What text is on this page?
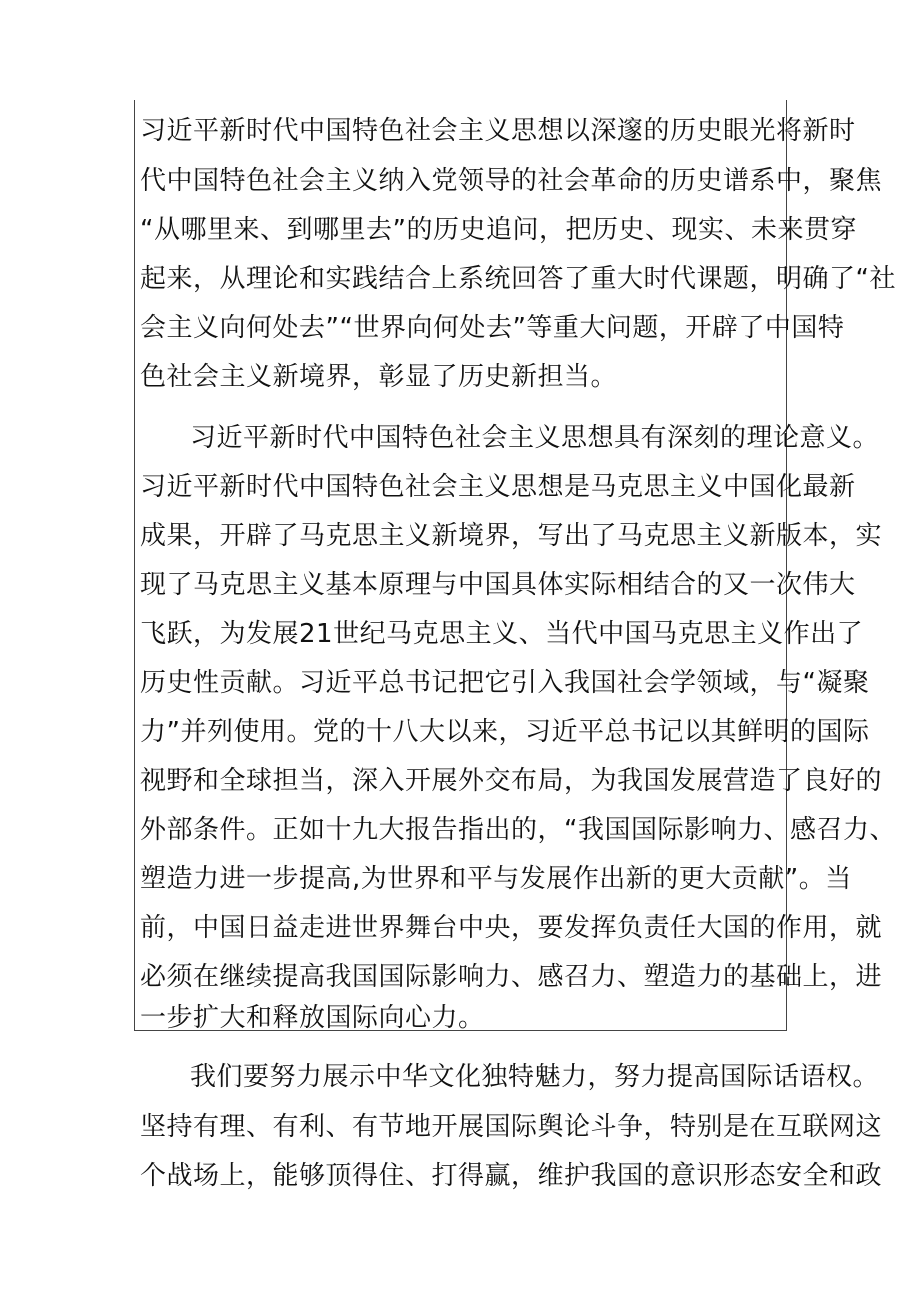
习近平新时代中国特色社会主义思想以深邃的历史眼光将新时
代中国特色社会主义纳入党领导的社会革命的历史谱系中，聚焦
“从哪里来、到哪里去”的历史追问，把历史、现实、未来贯穿
起来，从理论和实践结合上系统回答了重大时代课题，明确了“社
会主义向何处去”“世界向何处去”等重大问题，开辟了中国特
色社会主义新境界，彰显了历史新担当。
习近平新时代中国特色社会主义思想具有深刻的理论意义。
习近平新时代中国特色社会主义思想是马克思主义中国化最新
成果，开辟了马克思主义新境界，写出了马克思主义新版本，实
现了马克思主义基本原理与中国具体实际相结合的又一次伟大
飞跃，为发展21世纪马克思主义、当代中国马克思主义作出了
历史性贡献。习近平总书记把它引入我国社会学领域，与“凝聚
力”并列使用。党的十八大以来，习近平总书记以其鲜明的国际
视野和全球担当，深入开展外交布局，为我国发展营造了良好的
外部条件。正如十九大报告指出的，“我国国际影响力、感召力、
塑造力进一步提高,为世界和平与发展作出新的更大贡献”。当
前，中国日益走进世界舞台中央，要发挥负责任大国的作用，就
必须在继续提高我国国际影响力、感召力、塑造力的基础上，进
一步扩大和释放国际向心力。
我们要努力展示中华文化独特魅力，努力提高国际话语权。
坚持有理、有利、有节地开展国际舆论斗争，特别是在互联网这
个战场上，能够顶得住、打得赢，维护我国的意识形态安全和政
